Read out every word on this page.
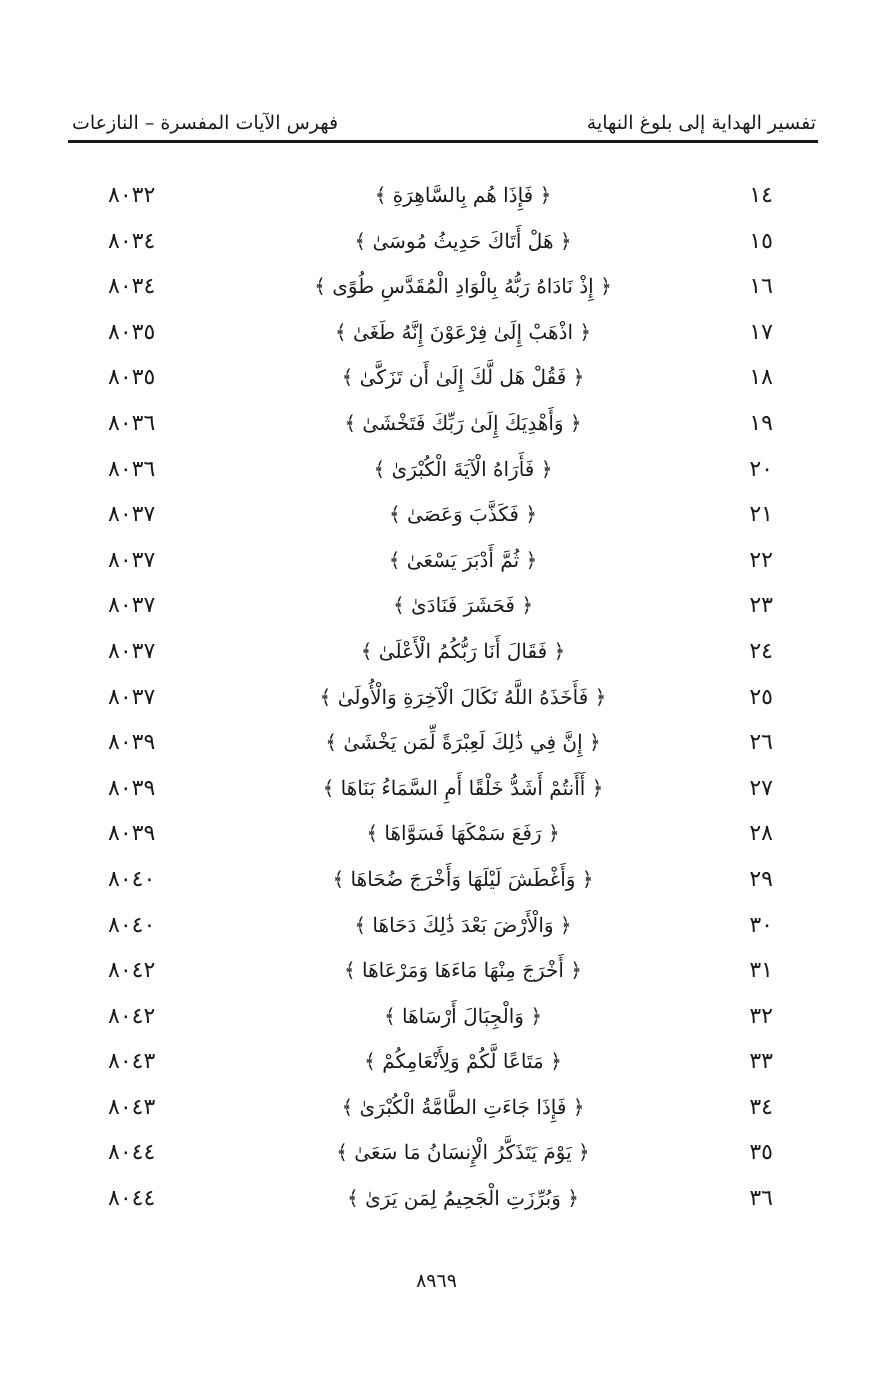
تفسير الهداية إلى بلوغ النهاية
فهرس الآيات المفسرة – النازعات
١٤
﴿ فَإِذَا هُم بِالسَّاهِرَةِ ﴾
٨٠٣٢
١٥
﴿ هَلْ أَتَاكَ حَدِيثُ مُوسَىٰ ﴾
٨٠٣٤
١٦
﴿ إِذْ نَادَاهُ رَبُّهُ بِالْوَادِ الْمُقَدَّسِ طُوًى ﴾
٨٠٣٤
١٧
﴿ اذْهَبْ إِلَىٰ فِرْعَوْنَ إِنَّهُ طَغَىٰ ﴾
٨٠٣٥
١٨
﴿ فَقُلْ هَل لَّكَ إِلَىٰ أَن تَزَكَّىٰ ﴾
٨٠٣٥
١٩
﴿ وَأَهْدِيَكَ إِلَىٰ رَبِّكَ فَتَخْشَىٰ ﴾
٨٠٣٦
٢٠
﴿ فَأَرَاهُ الْآيَةَ الْكُبْرَىٰ ﴾
٨٠٣٦
٢١
﴿ فَكَذَّبَ وَعَصَىٰ ﴾
٨٠٣٧
٢٢
﴿ ثُمَّ أَدْبَرَ يَسْعَىٰ ﴾
٨٠٣٧
٢٣
﴿ فَحَشَرَ فَنَادَىٰ ﴾
٨٠٣٧
٢٤
﴿ فَقَالَ أَنَا رَبُّكُمُ الْأَعْلَىٰ ﴾
٨٠٣٧
٢٥
﴿ فَأَخَذَهُ اللَّهُ نَكَالَ الْآخِرَةِ وَالْأُولَىٰ ﴾
٨٠٣٧
٢٦
﴿ إِنَّ فِي ذَٰلِكَ لَعِبْرَةً لِّمَن يَخْشَىٰ ﴾
٨٠٣٩
٢٧
﴿ أَأَنتُمْ أَشَدُّ خَلْقًا أَمِ السَّمَاءُ بَنَاهَا ﴾
٨٠٣٩
٢٨
﴿ رَفَعَ سَمْكَهَا فَسَوَّاهَا ﴾
٨٠٣٩
٢٩
﴿ وَأَغْطَشَ لَيْلَهَا وَأَخْرَجَ ضُحَاهَا ﴾
٨٠٤٠
٣٠
﴿ وَالْأَرْضَ بَعْدَ ذَٰلِكَ دَحَاهَا ﴾
٨٠٤٠
٣١
﴿ أَخْرَجَ مِنْهَا مَاءَهَا وَمَرْعَاهَا ﴾
٨٠٤٢
٣٢
﴿ وَالْجِبَالَ أَرْسَاهَا ﴾
٨٠٤٢
٣٣
﴿ مَتَاعًا لَّكُمْ وَلِأَنْعَامِكُمْ ﴾
٨٠٤٣
٣٤
﴿ فَإِذَا جَاءَتِ الطَّامَّةُ الْكُبْرَىٰ ﴾
٨٠٤٣
٣٥
﴿ يَوْمَ يَتَذَكَّرُ الْإِنسَانُ مَا سَعَىٰ ﴾
٨٠٤٤
٣٦
﴿ وَبُرِّزَتِ الْجَحِيمُ لِمَن يَرَىٰ ﴾
٨٠٤٤
٨٩٦٩
